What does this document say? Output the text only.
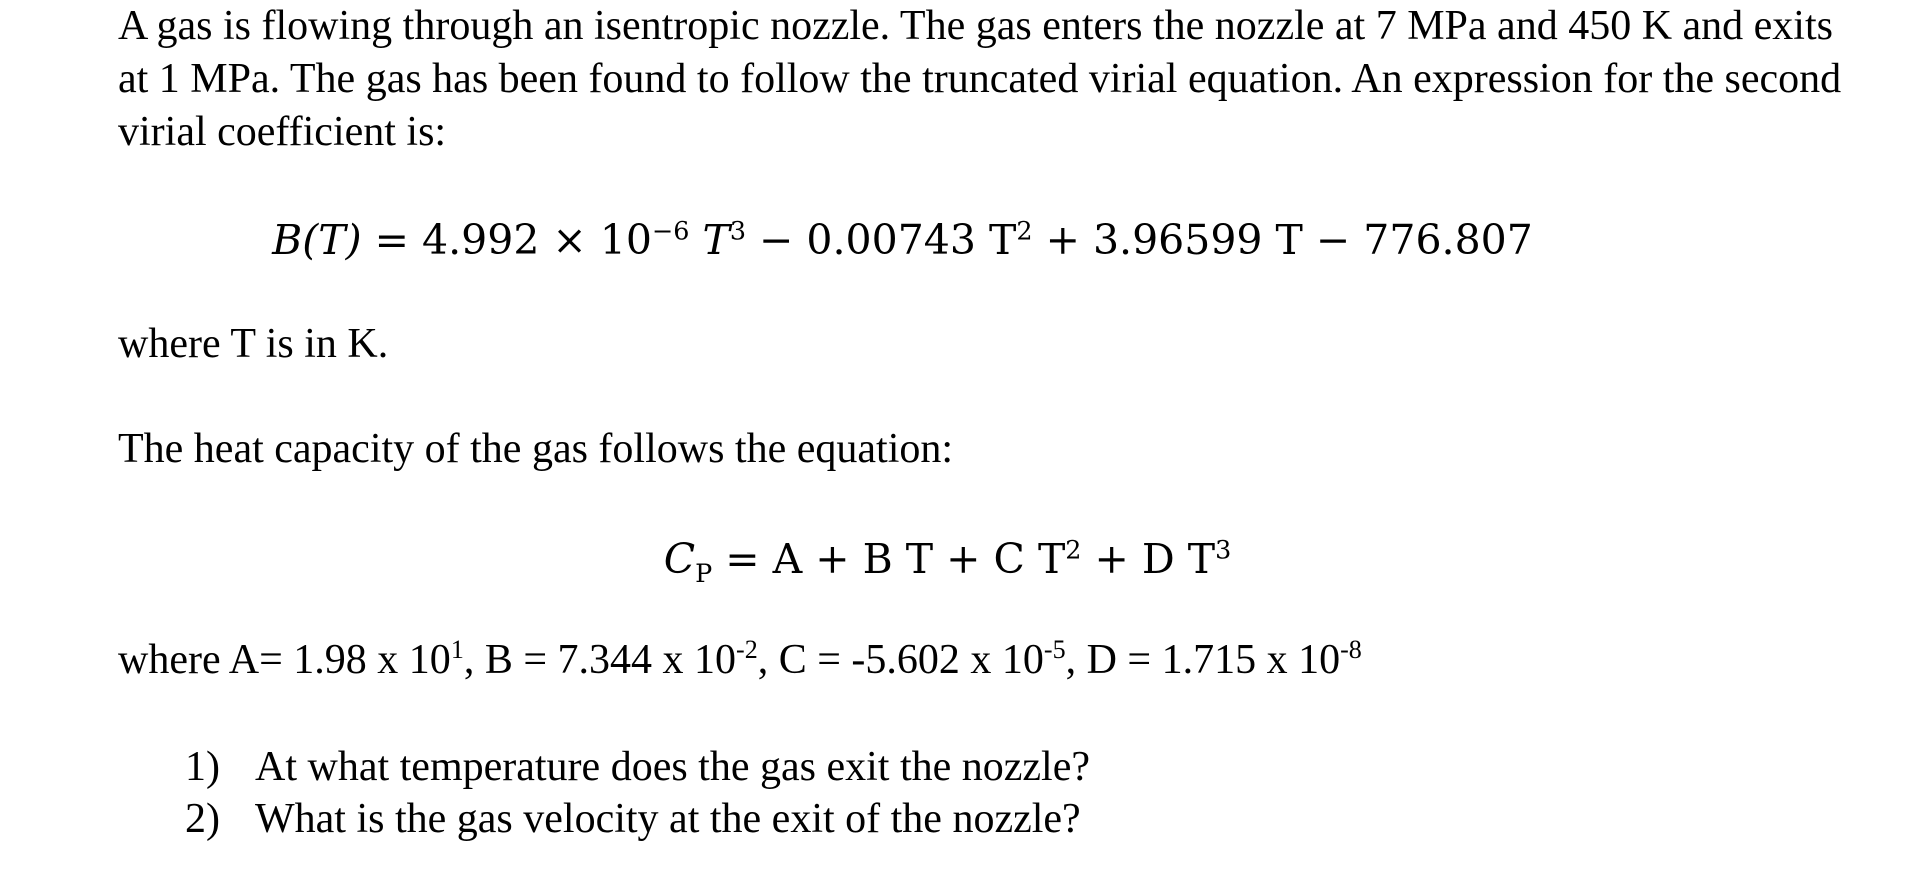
A gas is flowing through an isentropic nozzle. The gas enters the nozzle at 7 MPa and 450 K and exits at 1 MPa. The gas has been found to follow the truncated virial equation. An expression for the second virial coefficient is:

$B(T) = 4.992 \times 10^{-6}$ $T^3 - 0.00743$ $T^2 + 3.96599$ T − 776.807

where T is in K.

The heat capacity of the gas follows the equation:

$C_P = A + B$ T + C $T^2 + D$ $T^3$

where A= 1.98 x $10^1$, B = 7.344 x $10^{-2}$, C = -5.602 x $10^{-5}$, D = 1.715 x $10^{-8}$

1) At what temperature does the gas exit the nozzle?
2) What is the gas velocity at the exit of the nozzle?
